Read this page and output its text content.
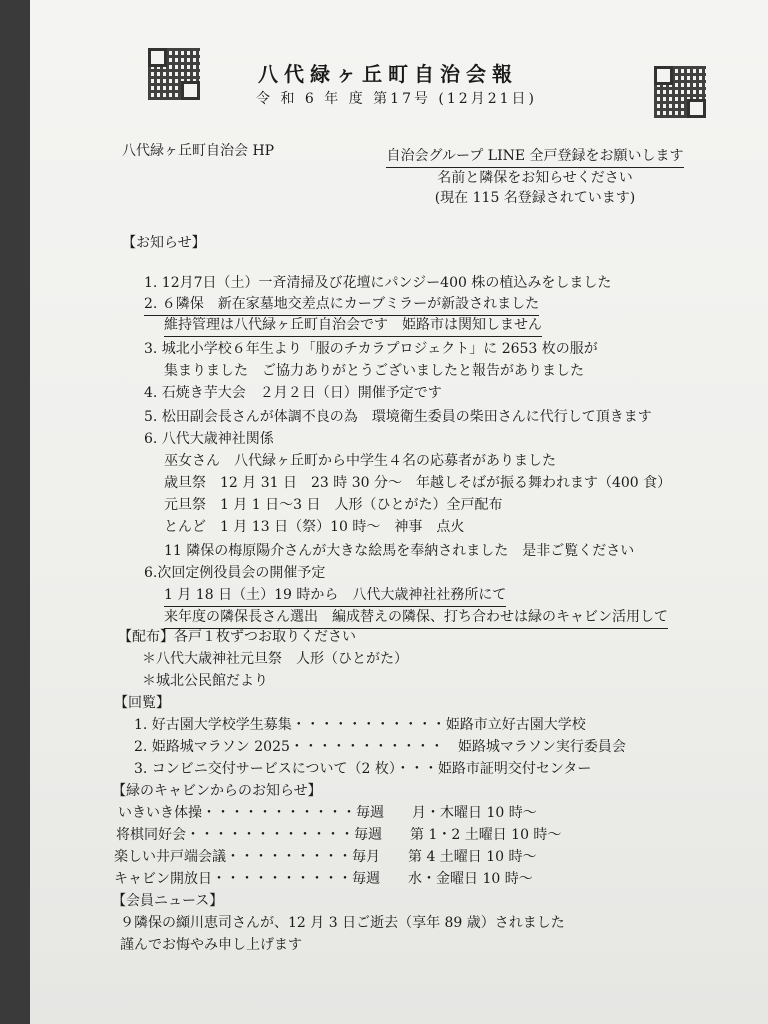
八代緑ヶ丘町自治会報
令 和 6 年 度 第17号 (12月21日)
八代緑ヶ丘町自治会 HP	自治会グループ LINE 全戸登録をお願いします
名前と隣保をお知らせください
(現在 115 名登録されています)
【お知らせ】
1. 12月7日（土）一斉清掃及び花壇にパンジー400 株の植込みをしました
2. ６隣保　新在家墓地交差点にカーブミラーが新設されました
維持管理は八代緑ヶ丘町自治会です　姫路市は関知しません
3. 城北小学校６年生より「服のチカラプロジェクト」に 2653 枚の服が
集まりました　ご協力ありがとうございましたと報告がありました
4. 石焼き芋大会　２月２日（日）開催予定です
5. 松田副会長さんが体調不良の為　環境衛生委員の柴田さんに代行して頂きます
6. 八代大歳神社関係
巫女さん　八代緑ヶ丘町から中学生４名の応募者がありました
歳旦祭　12 月 31 日　23 時 30 分〜　年越しそばが振る舞われます（400 食）
元旦祭　1 月 1 日〜3 日　人形（ひとがた）全戸配布
とんど　1 月 13 日（祭）10 時〜　神事　点火
11 隣保の梅原陽介さんが大きな絵馬を奉納されました　是非ご覧ください
6.次回定例役員会の開催予定
1 月 18 日（土）19 時から　八代大歳神社社務所にて
来年度の隣保長さん選出　編成替えの隣保、打ち合わせは緑のキャビン活用して
【配布】各戸１枚ずつお取りください
＊八代大歳神社元旦祭　人形（ひとがた）
＊城北公民館だより
【回覧】
1. 好古園大学校学生募集・・・・・・・・・・・姫路市立好古園大学校
2. 姫路城マラソン 2025・・・・・・・・・・・　姫路城マラソン実行委員会
3. コンビニ交付サービスについて（2 枚）・・・姫路市証明交付センター
【緑のキャビンからのお知らせ】
いきいき体操・・・・・・・・・・・毎週　　月・木曜日 10 時〜
将棋同好会・・・・・・・・・・・・毎週　　第 1・2 土曜日 10 時〜
楽しい井戸端会議・・・・・・・・・毎月　　第 4 土曜日 10 時〜
キャビン開放日・・・・・・・・・・毎週　　水・金曜日 10 時〜
【会員ニュース】
９隣保の纐川恵司さんが、12 月 3 日ご逝去（享年 89 歳）されました
謹んでお悔やみ申し上げます
